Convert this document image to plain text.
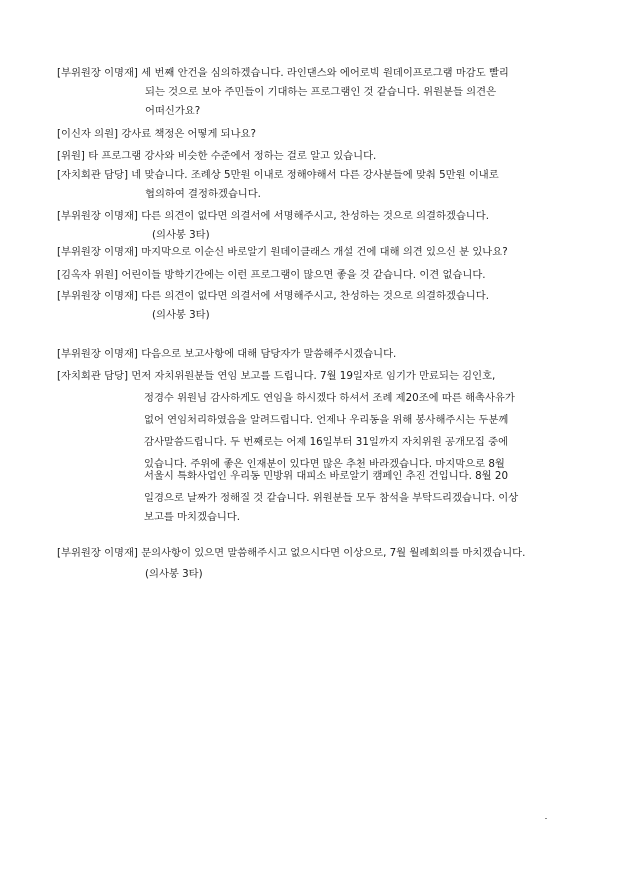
[부위원장 이명재] 세 번째 안건을 심의하겠습니다. 라인댄스와 에어로빅 원데이프로그램 마감도 빨리
되는 것으로 보아 주민들이 기대하는 프로그램인 것 같습니다. 위원분들 의견은
어떠신가요?
[이신자 의원] 강사료 책정은 어떻게 되나요?
[위원] 타 프로그램 강사와 비슷한 수준에서 정하는 걸로 알고 있습니다.
[자치회관 담당] 네 맞습니다. 조례상 5만원 이내로 정해야해서 다른 강사분들에 맞춰 5만원 이내로
협의하여 결정하겠습니다.
[부위원장 이명재] 다른 의견이 없다면 의결서에 서명해주시고, 찬성하는 것으로 의결하겠습니다.
(의사봉 3타)
[부위원장 이명재] 마지막으로 이순신 바로알기 원데이클래스 개설 건에 대해 의견 있으신 분 있나요?
[김옥자 위원] 어린이들 방학기간에는 이런 프로그램이 많으면 좋을 것 같습니다. 이견 없습니다.
[부위원장 이명재] 다른 의견이 없다면 의결서에 서명해주시고, 찬성하는 것으로 의결하겠습니다.
(의사봉 3타)
[부위원장 이명재] 다음으로 보고사항에 대해 담당자가 말씀해주시겠습니다.
[자치회관 담당] 먼저 자치위원분들 연임 보고를 드립니다. 7월 19일자로 임기가 만료되는 김인호,
정경수 위원님 감사하게도 연임을 하시겠다 하셔서 조례 제20조에 따른 해촉사유가
없어 연임처리하였음을 알려드립니다. 언제나 우리동을 위해 봉사해주시는 두분께
감사말씀드립니다. 두 번째로는 어제 16일부터 31일까지 자치위원 공개모집 중에
있습니다. 주위에 좋은 인재분이 있다면 많은 추천 바라겠습니다. 마지막으로 8월
서울시 특화사업인 우리동 민방위 대피소 바로알기 캠페인 추진 건입니다. 8월 20
일경으로 날짜가 정해질 것 같습니다. 위원분들 모두 참석을 부탁드리겠습니다. 이상
보고를 마치겠습니다.
[부위원장 이명재] 문의사항이 있으면 말씀해주시고 없으시다면 이상으로, 7월 월례회의를 마치겠습니다.
(의사봉 3타)
